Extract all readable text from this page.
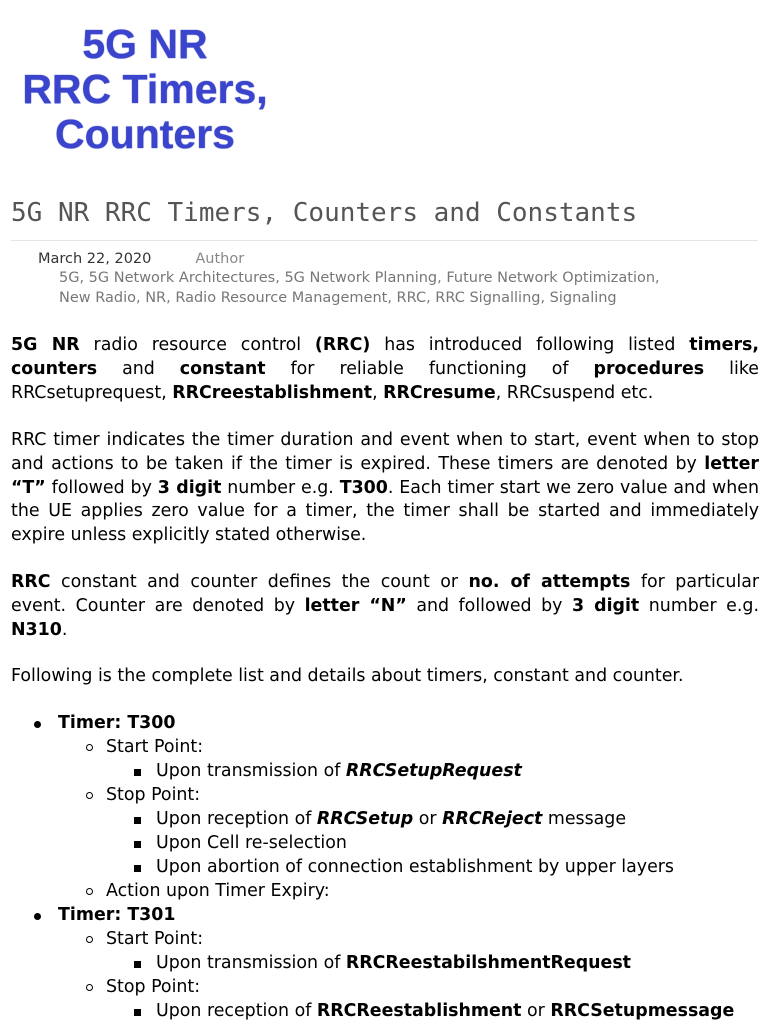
5G NR
RRC Timers,
Counters
5G NR RRC Timers, Counters and Constants
March 22, 2020	Author
5G, 5G Network Architectures, 5G Network Planning, Future Network Optimization,
New Radio, NR, Radio Resource Management, RRC, RRC Signalling, Signaling

5G NR radio resource control (RRC) has introduced following listed timers, counters and constant for reliable functioning of procedures like RRCsetuprequest, RRCreestablishment, RRCresume, RRCsuspend etc.

RRC timer indicates the timer duration and event when to start, event when to stop and actions to be taken if the timer is expired. These timers are denoted by letter “T” followed by 3 digit number e.g. T300. Each timer start we zero value and when the UE applies zero value for a timer, the timer shall be started and immediately expire unless explicitly stated otherwise.

RRC constant and counter defines the count or no. of attempts for particular event. Counter are denoted by letter “N” and followed by 3 digit number e.g. N310.

Following is the complete list and details about timers, constant and counter.

Timer: T300
Start Point:
Upon transmission of RRCSetupRequest
Stop Point:
Upon reception of RRCSetup or RRCReject message
Upon Cell re-selection
Upon abortion of connection establishment by upper layers
Action upon Timer Expiry:
Timer: T301
Start Point:
Upon transmission of RRCReestabilshmentRequest
Stop Point:
Upon reception of RRCReestablishment or RRCSetupmessage
